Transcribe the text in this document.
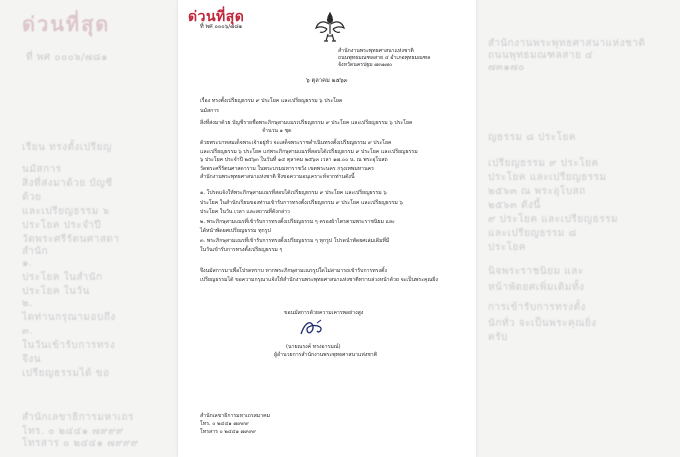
ด่วนที่สุด
ที่ พศ ๐๐๐๖/๗๘๑
เรียน ทรงตั้งเปรียญ
นมัสการ
สิ่งที่ส่งมาด้วย บัญชี
ด้วย
และเปรียญธรรม ๖
ประโยค ประจำปี
วัดพระศรีรัตนศาสดา
สำนัก
๑.
ประโยค ในสำนัก
ประโยค ในวัน
๒.
ไดท่านกรุณามอบถึง
๓.
ในวันเข้ารับการทรง
จึงน
เปรียญธรรมได้ ขอ
สำนักเลขาธิการมหาเถร
โทร. ๐ ๒๔๔๑ ๗๙๙๙
โทรสาร ๐ ๒๔๔๑ ๗๙๙๙
สำนักงานพระพุทธศาสนาแห่งชาติ
ถนนพุทธมณฑลสาย ๔
๗๓๑๗๐
ญธรรม ๘ ประโยค
เปรียญธรรม ๙ ประโยค
ประโยค และเปรียญธรรม
๒๕๖๓ ณ พระอุโบสถ
๒๕๖๓ ดังนี้
๙ ประโยค และเปรียญธรรม
และเปรียญธรรม ๘
ประโยค
นิจพระราชนิยม และ
หน้าพัดยศเพิ่มเติมทั้ง
การเข้ารับการทรงตั้ง
นักทั่ว จะเป็นพระคุณยิ่ง
ครับ
ด่วนที่สุด
ที่ พศ ๐๐๐๖/๗๘๑
สำนักงานพระพุทธศาสนาแห่งชาติ
ถนนพุทธมณฑลสาย ๔ อำเภอพุทธมณฑล
จังหวัดนครปฐม ๗๓๑๗๐
๖ ตุลาคม ๒๕๖๓
เรื่อง ทรงตั้งเปรียญธรรม ๙ ประโยค และเปรียญธรรม ๖ ประโยค
นมัสการ
สิ่งที่ส่งมาด้วย บัญชีรายชื่อพระภิกษุสามเณรเปรียญธรรม ๙ ประโยค และเปรียญธรรม ๖ ประโยค
จำนวน ๑ ชุด
ด้วยพระบาทสมเด็จพระเจ้าอยู่หัว จะเสด็จพระราชดำเนินทรงตั้งเปรียญธรรม ๙ ประโยค
และเปรียญธรรม ๖ ประโยค แก่พระภิกษุสามเณรที่สอบได้เปรียญธรรม ๙ ประโยค และเปรียญธรรม
๖ ประโยค ประจำปี ๒๕๖๓ ในวันที่ ๑๔ ตุลาคม ๒๕๖๓ เวลา ๑๗.๐๐ น. ณ พระอุโบสถ
วัดพระศรีรัตนศาสดาราม ในพระบรมมหาราชวัง เขตพระนคร กรุงเทพมหานคร
สำนักงานพระพุทธศาสนาแห่งชาติ จึงขอความอนุเคราะห์จากท่านดังนี้
๑. โปรดแจ้งให้พระภิกษุสามเณรที่สอบได้เปรียญธรรม ๙ ประโยค และเปรียญธรรม ๖
ประโยค ในสำนักเรียนของท่านเข้ารับการทรงตั้งเปรียญธรรม ๙ ประโยค และเปรียญธรรม ๖
ประโยค ในวัน เวลา และสถานที่ดังกล่าว
๒. พระภิกษุสามเณรที่เข้ารับการทรงตั้งเปรียญธรรม ๆ ครองผ้าไตรตามพระราชนิยม และ
ได้หน้าพัดยศเปรียญธรรม ทุกรูป
๓. พระภิกษุสามเณรที่เข้ารับการทรงตั้งเปรียญธรรม ๆ ทุกรูป โปรดนำพัดยศเล่มเดิมที่มี
ในวันเข้ารับการทรงตั้งเปรียญธรรม ๆ
จึงนมัสการมาเพื่อโปรดทราบ หากพระภิกษุสามเณรรูปใดไม่สามารถเข้ารับการทรงตั้ง
เปรียญธรรมได้ ขอความกรุณาแจ้งให้สำนักงานพระพุทธศาสนาแห่งชาติทราบล่วงหน้าด้วย จะเป็นพระคุณยิ่ง
ขอนมัสการด้วยความเคารพอย่างสูง
(นายณรงค์ ทรงอารมณ์)
ผู้อำนวยการสำนักงานพระพุทธศาสนาแห่งชาติ
สำนักเลขาธิการมหาเถรสมาคม
โทร. ๐ ๒๔๔๑ ๗๙๙๙
โทรสาร ๐ ๒๔๔๑ ๗๙๙๙
